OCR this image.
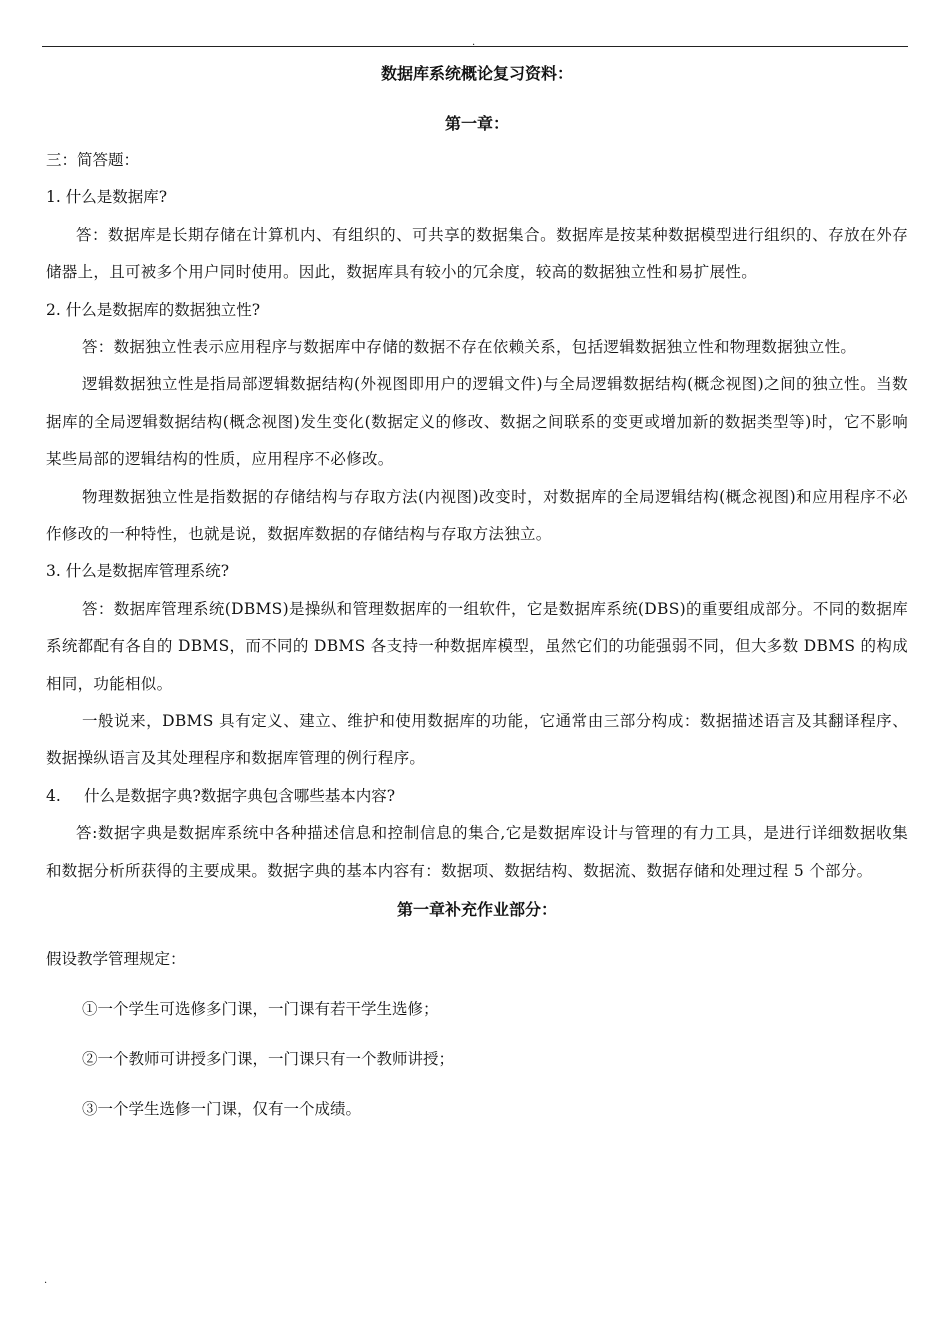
.
数据库系统概论复习资料：
第一章：
三：简答题：
1. 什么是数据库?
答：数据库是长期存储在计算机内、有组织的、可共享的数据集合。数据库是按某种数据模型进行组织的、存放在外存储器上，且可被多个用户同时使用。因此，数据库具有较小的冗余度，较高的数据独立性和易扩展性。
2. 什么是数据库的数据独立性?
答：数据独立性表示应用程序与数据库中存储的数据不存在依赖关系，包括逻辑数据独立性和物理数据独立性。
逻辑数据独立性是指局部逻辑数据结构(外视图即用户的逻辑文件)与全局逻辑数据结构(概念视图)之间的独立性。当数据库的全局逻辑数据结构(概念视图)发生变化(数据定义的修改、数据之间联系的变更或增加新的数据类型等)时，它不影响某些局部的逻辑结构的性质，应用程序不必修改。
物理数据独立性是指数据的存储结构与存取方法(内视图)改变时，对数据库的全局逻辑结构(概念视图)和应用程序不必作修改的一种特性，也就是说，数据库数据的存储结构与存取方法独立。
3. 什么是数据库管理系统?
答：数据库管理系统(DBMS)是操纵和管理数据库的一组软件，它是数据库系统(DBS)的重要组成部分。不同的数据库系统都配有各自的 DBMS，而不同的 DBMS 各支持一种数据库模型，虽然它们的功能强弱不同，但大多数 DBMS 的构成相同，功能相似。
一般说来，DBMS 具有定义、建立、维护和使用数据库的功能，它通常由三部分构成：数据描述语言及其翻译程序、数据操纵语言及其处理程序和数据库管理的例行程序。
4. 什么是数据字典?数据字典包含哪些基本内容?
答:数据字典是数据库系统中各种描述信息和控制信息的集合,它是数据库设计与管理的有力工具，是进行详细数据收集和数据分析所获得的主要成果。数据字典的基本内容有：数据项、数据结构、数据流、数据存储和处理过程 5 个部分。
第一章补充作业部分：
假设教学管理规定：
①一个学生可选修多门课，一门课有若干学生选修；
②一个教师可讲授多门课，一门课只有一个教师讲授；
③一个学生选修一门课，仅有一个成绩。
.
